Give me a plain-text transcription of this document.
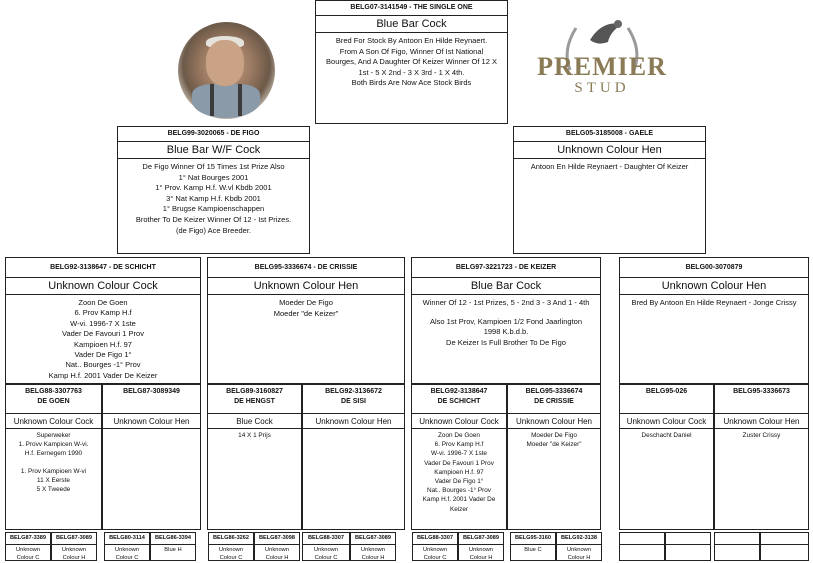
PREMIER
STUD
BELG07-3141549 - THE SINGLE ONE
Blue Bar Cock

Bred For Stock By Antoon En Hilde Reynaert.

From A Son Of Figo, Winner Of Ist National

Bourges, And A Daughter Of Keizer Winner Of 12 X

1st - 5 X 2nd - 3 X 3rd - 1 X 4th.

Both Birds Are Now Ace Stock Birds

BELG99-3020065 - DE FIGO
Blue Bar W/F Cock

De Figo Winner Of 15 Times 1st Prize Also

1° Nat Bourges 2001

1° Prov. Kamp H.f. W.vl Kbdb 2001

3° Nat Kamp H.f. Kbdb 2001

1° Brugse Kampioenschappen

Brother To De Keizer Winner Of 12 - Ist Prizes.

(de Figo) Ace Breeder.

BELG05-3185008 - GAELE
Unknown Colour Hen

Antoon En Hilde Reynaert - Daughter Of Keizer

BELG92-3138647 - DE SCHICHT
Unknown Colour Cock

Zoon De Goen

6. Prov Kamp H.f

W-vi. 1996-7 X 1ste

Vader De Favouri 1 Prov

Kampioen H.f. 97

Vader De Figo 1°

Nat.. Bourges -1° Prov

Kamp H.f. 2001 Vader De Keizer

BELG95-3336674 - DE CRISSIE
Unknown Colour Hen

Moeder De Figo

Moeder "de Keizer"

BELG97-3221723 - DE KEIZER
Blue Bar Cock

Winner Of 12 - 1st Prizes, 5 - 2nd 3 - 3 And 1 - 4th

Also 1st Prov, Kampioen 1/2 Fond Jaarlington

1998 K.b.d.b.

De Keizer Is Full Brother To De Figo

BELG00-3070879
Unknown Colour Hen

Bred By Antoon En Hilde Reynaert - Jonge Crissy

BELG88-3307763
DE GOEN
Unknown Colour Cock

Superweker

1. Provv Kampicen W-vi.

H.f. Eernegem 1990

1. Prov Kampioen W-vi

11 X Eerste

5 X Tweede

BELG87-3089349
Unknown Colour Hen
BELG89-3160827
DE HENGST
Blue Cock

14 X 1 Prijs

BELG92-3136672
DE SISI
Unknown Colour Hen
BELG92-3138647
DE SCHICHT
Unknown Colour Cock

Zoon De Goen

6. Prov Kamp H.f

W-vi. 1996-7 X 1ste

Vader De Favouri 1 Prov

Kampioen H.f. 97

Vader De Figo 1°

Nat.. Bourges -1° Prov

Kamp H.f. 2001 Vader De

Keizer

BELG95-3336674
DE CRISSIE
Unknown Colour Hen

Moeder De Figo

Moeder "de Keizer"

BELG95-026
Unknown Colour Cock

Deschacht Daniel

BELG95-3336673
Unknown Colour Hen

Zuster Crissy

BELG87-3389
Unknown
Colour C
BELG87-3089
Unknown
Colour H
BELG80-3114
Unknown
Colour C
BELG86-3394
Blue H
BELG86-3262
Unknown
Colour C
BELG87-3098
Unknown
Colour H
BELG88-3307
Unknown
Colour C
BELG87-3089
Unknown
Colour H
BELG88-3307
Unknown
Colour C
BELG87-3089
Unknown
Colour H
BELG95-3160
Blue C
BELG92-3138
Unknown
Colour H
